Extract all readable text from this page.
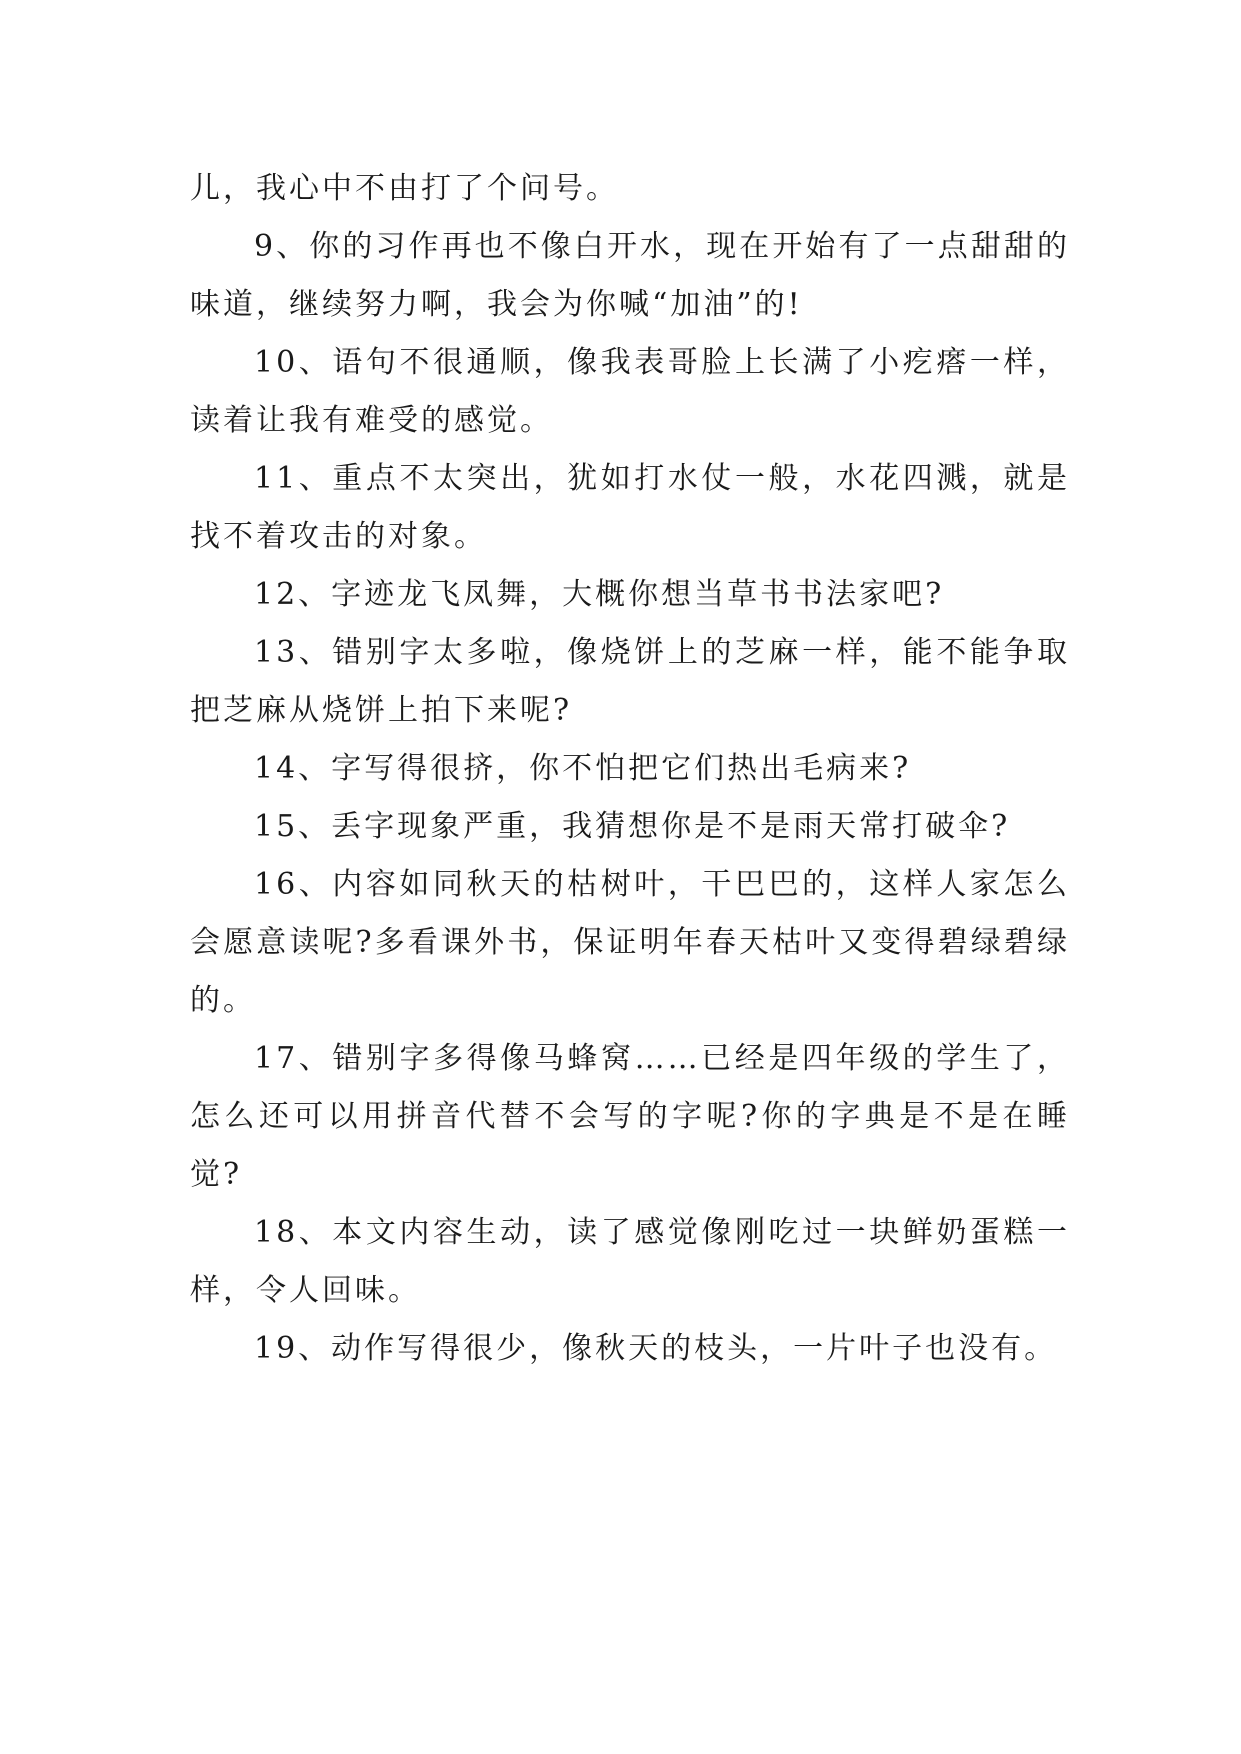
儿，我心中不由打了个问号。

9、你的习作再也不像白开水，现在开始有了一点甜甜的味道，继续努力啊，我会为你喊“加油”的!

10、语句不很通顺，像我表哥脸上长满了小疙瘩一样，读着让我有难受的感觉。

11、重点不太突出，犹如打水仗一般，水花四溅，就是找不着攻击的对象。

12、字迹龙飞凤舞，大概你想当草书书法家吧?

13、错别字太多啦，像烧饼上的芝麻一样，能不能争取把芝麻从烧饼上拍下来呢?

14、字写得很挤，你不怕把它们热出毛病来?

15、丢字现象严重，我猜想你是不是雨天常打破伞?

16、内容如同秋天的枯树叶，干巴巴的，这样人家怎么会愿意读呢?多看课外书，保证明年春天枯叶又变得碧绿碧绿的。

17、错别字多得像马蜂窝……已经是四年级的学生了，怎么还可以用拼音代替不会写的字呢?你的字典是不是在睡觉?

18、本文内容生动，读了感觉像刚吃过一块鲜奶蛋糕一样，令人回味。

19、动作写得很少，像秋天的枝头，一片叶子也没有。
